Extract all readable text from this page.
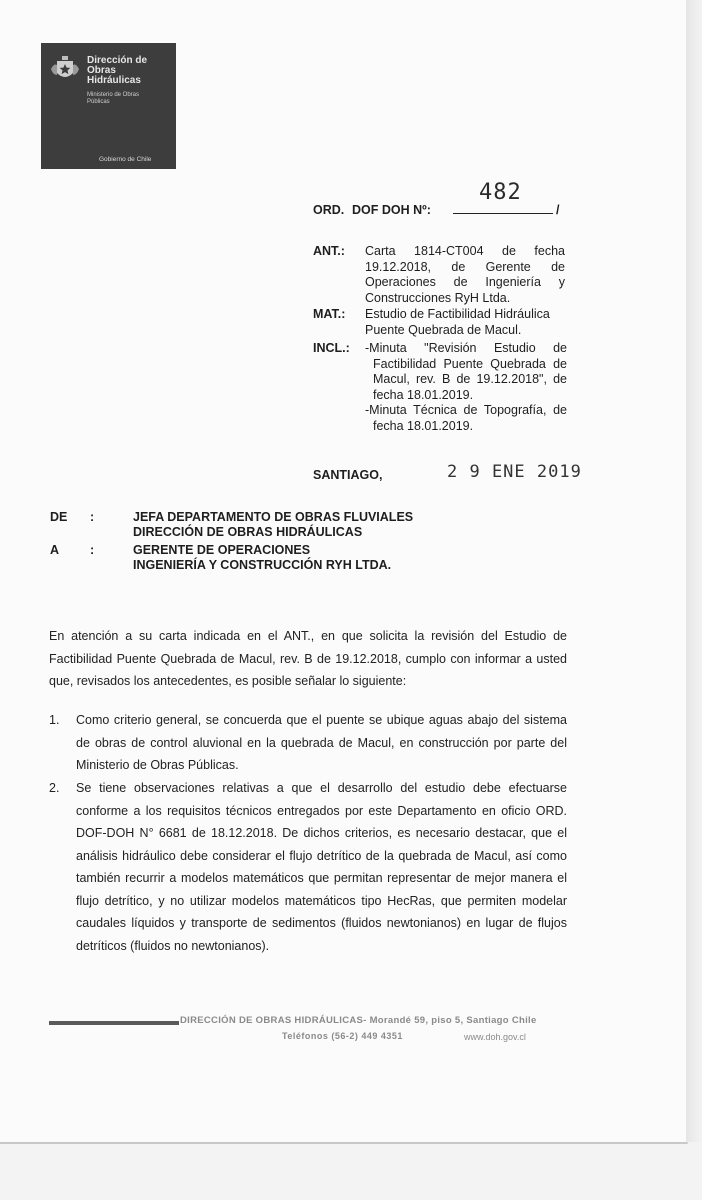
Dirección de
Obras
Hidráulicas
Ministerio de Obras
Públicas
Gobierno de Chile
ORD. DOF DOH Nº:
482
/
ANT.: Carta 1814-CT004 de fecha
19.12.2018, de Gerente de
Operaciones de Ingeniería y
Construcciones RyH Ltda.
MAT.: Estudio de Factibilidad Hidráulica
Puente Quebrada de Macul.
INCL.: -Minuta "Revisión Estudio de
Factibilidad Puente Quebrada de
Macul, rev. B de 19.12.2018", de
fecha 18.01.2019.
-Minuta Técnica de Topografía, de
fecha 18.01.2019.
SANTIAGO,	2 9 ENE 2019
DE :	JEFA DEPARTAMENTO DE OBRAS FLUVIALES
DIRECCIÓN DE OBRAS HIDRÁULICAS
A :	GERENTE DE OPERACIONES
INGENIERÍA Y CONSTRUCCIÓN RYH LTDA.
En atención a su carta indicada en el ANT., en que solicita la revisión del Estudio de Factibilidad Puente Quebrada de Macul, rev. B de 19.12.2018, cumplo con informar a usted que, revisados los antecedentes, es posible señalar lo siguiente:
1. Como criterio general, se concuerda que el puente se ubique aguas abajo del sistema de obras de control aluvional en la quebrada de Macul, en construcción por parte del Ministerio de Obras Públicas.
2. Se tiene observaciones relativas a que el desarrollo del estudio debe efectuarse conforme a los requisitos técnicos entregados por este Departamento en oficio ORD. DOF-DOH N° 6681 de 18.12.2018. De dichos criterios, es necesario destacar, que el análisis hidráulico debe considerar el flujo detrítico de la quebrada de Macul, así como también recurrir a modelos matemáticos que permitan representar de mejor manera el flujo detrítico, y no utilizar modelos matemáticos tipo HecRas, que permiten modelar caudales líquidos y transporte de sedimentos (fluidos newtonianos) en lugar de flujos detríticos (fluidos no newtonianos).
DIRECCIÓN DE OBRAS HIDRÁULICAS- Morandé 59, piso 5, Santiago Chile
Teléfonos (56-2) 449 4351	www.doh.gov.cl
